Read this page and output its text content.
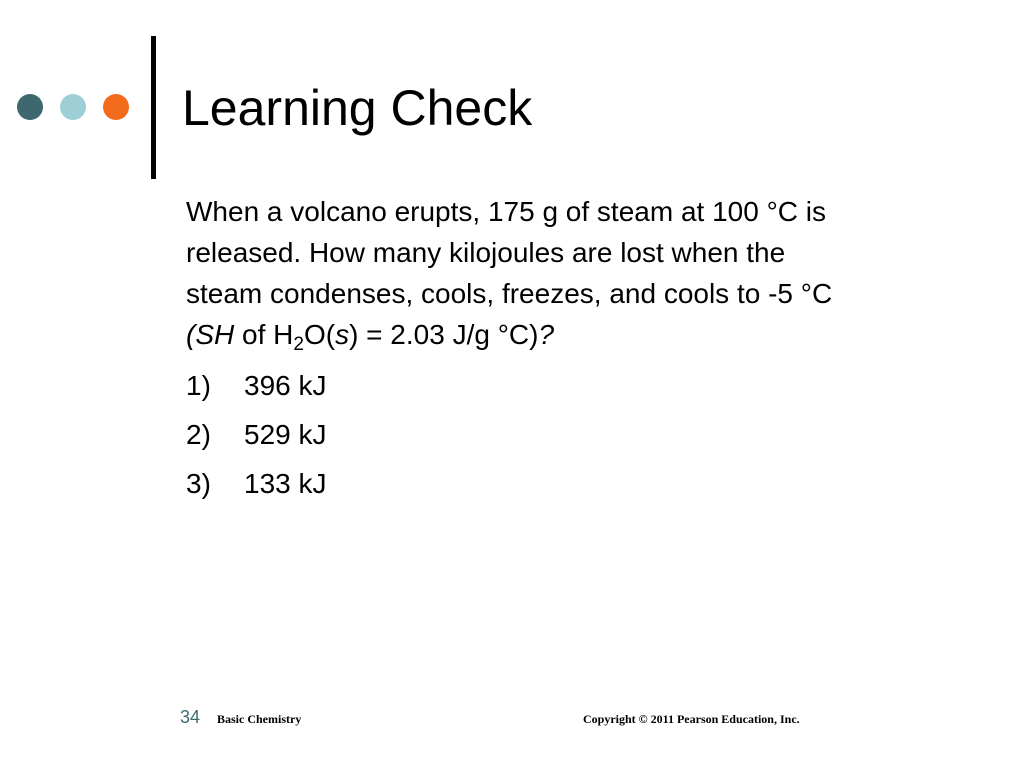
Learning Check

When a volcano erupts, 175 g of steam at 100 °C is
released. How many kilojoules are lost when the
steam condenses, cools, freezes, and cools to -5 °C
(SH of $H_2O(s) = 2.03$ J/g °C)?

1)	396 kJ
2)	529 kJ
3)	133 kJ
34 Basic Chemistry	Copyright © 2011 Pearson Education, Inc.
